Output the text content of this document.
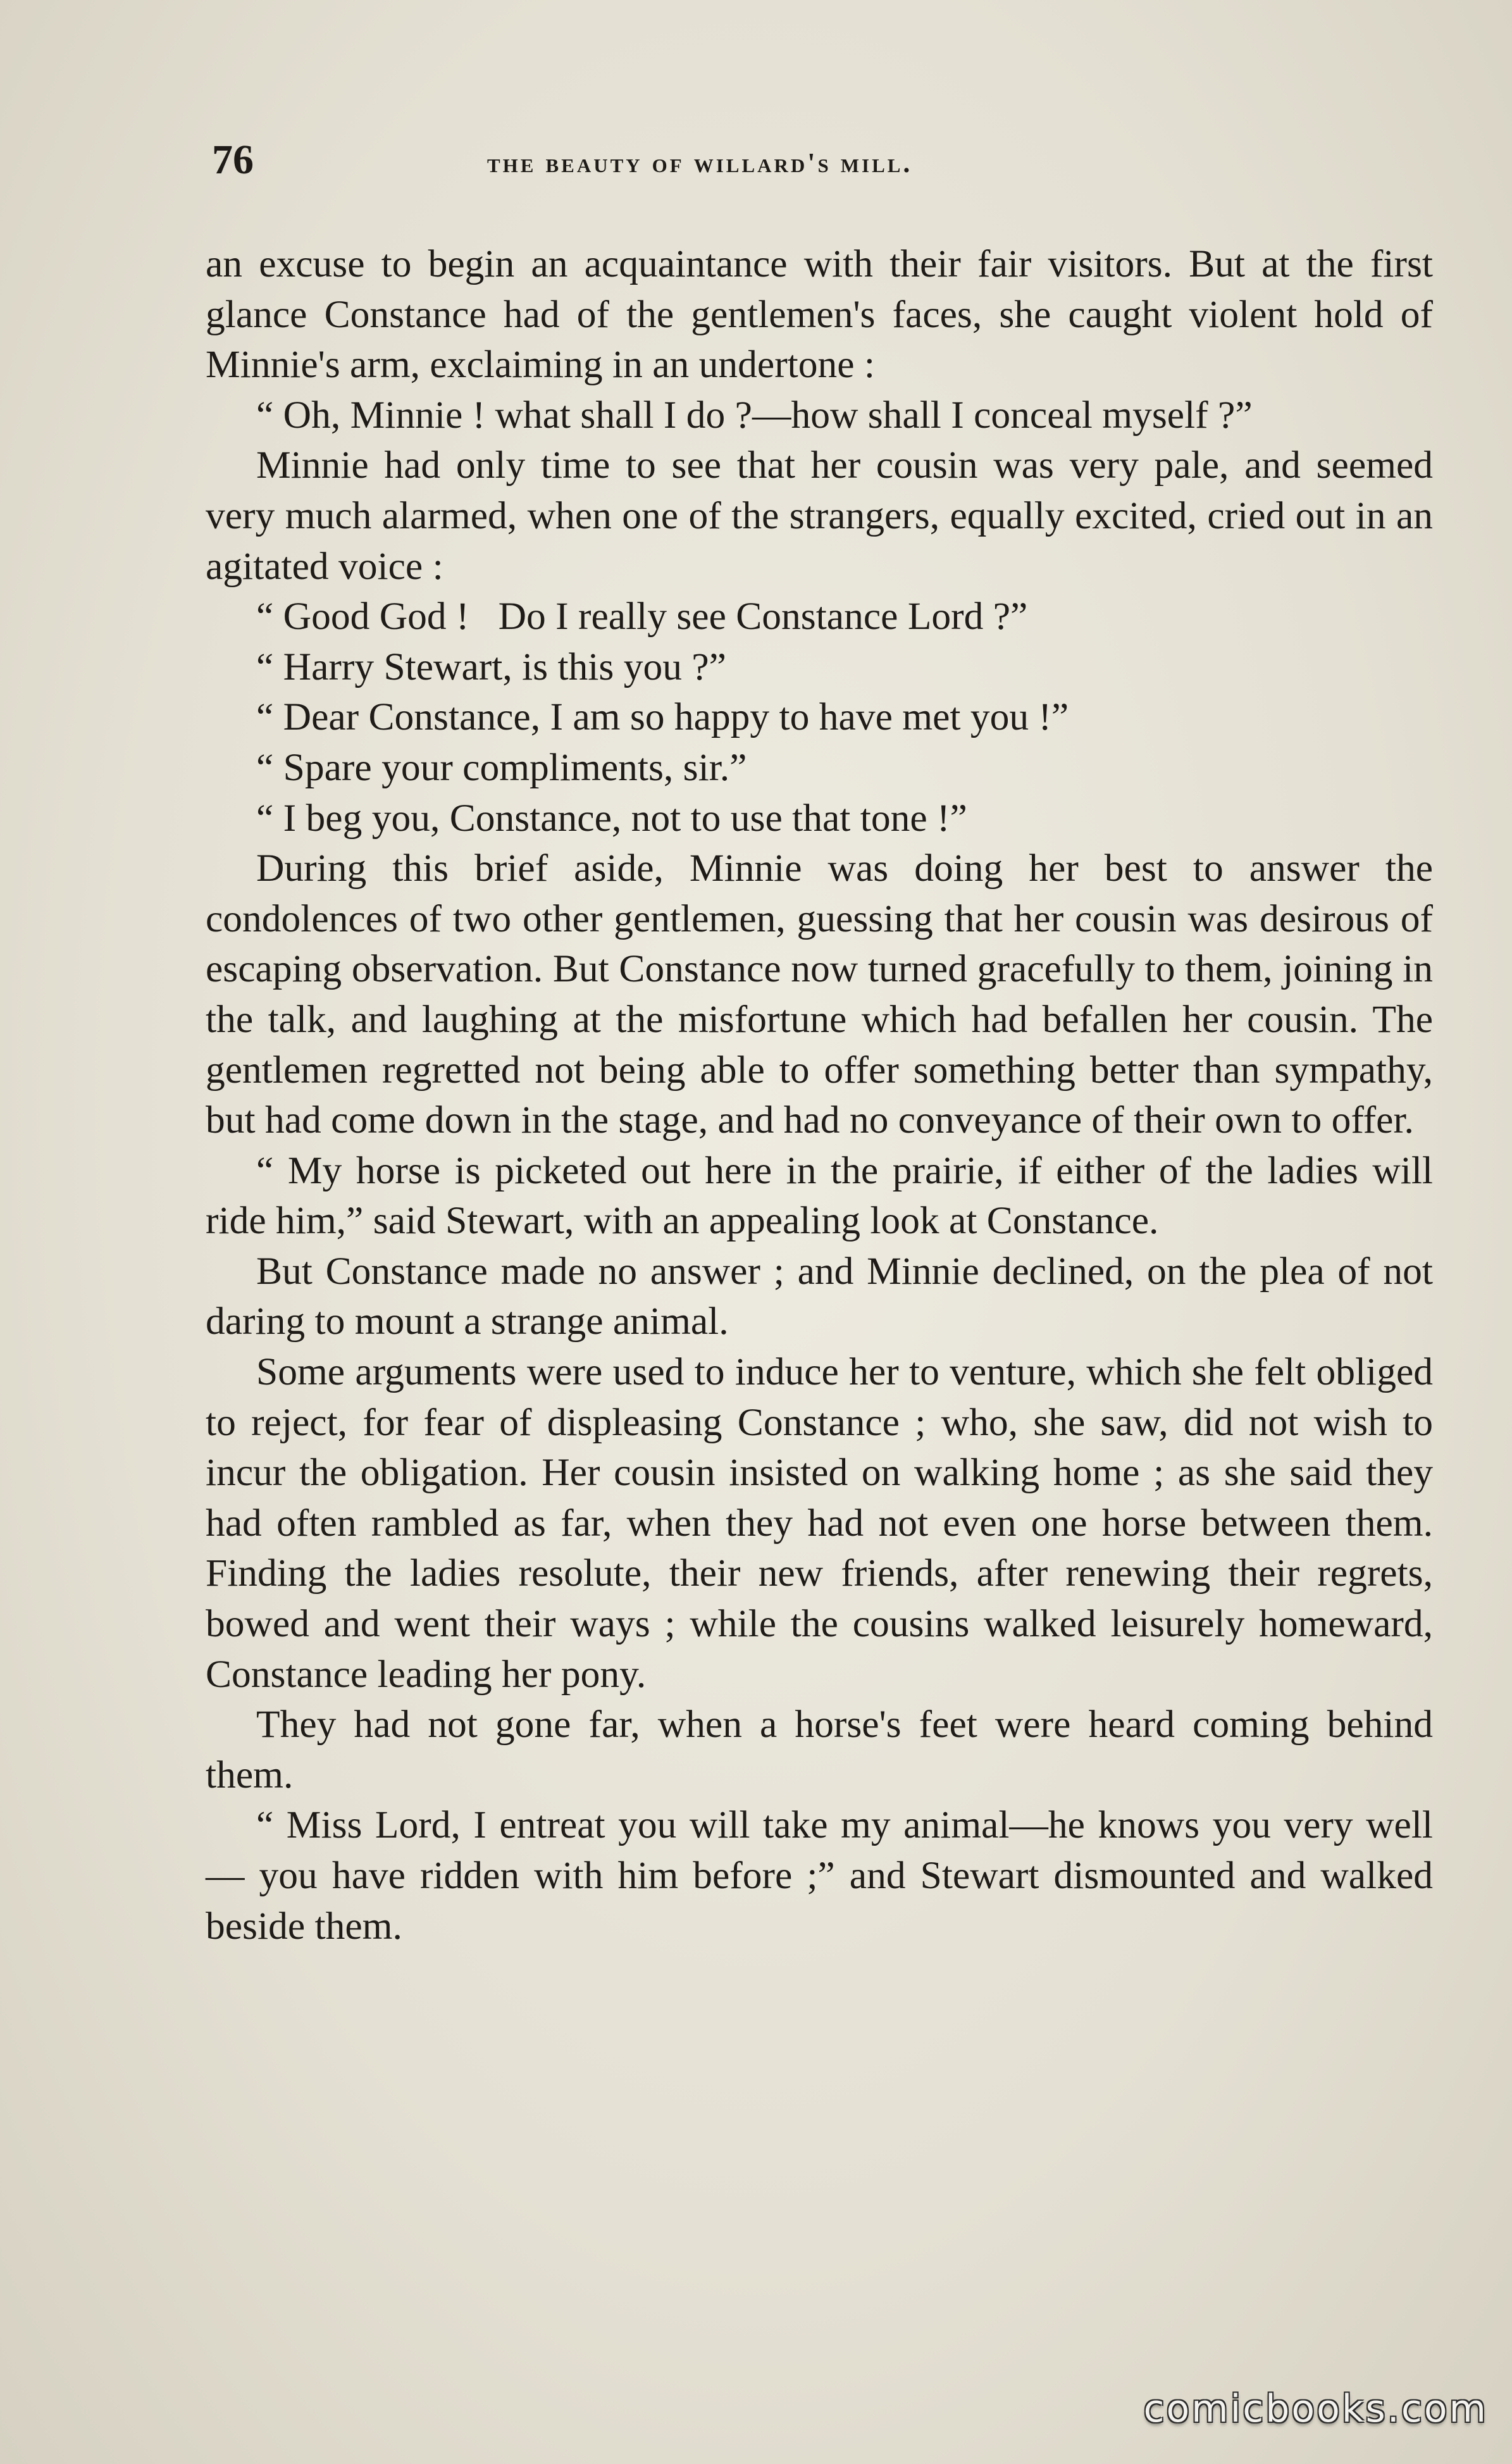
76	the beauty of willard's mill.

an excuse to begin an acquaintance with their fair visitors. But at the first glance Constance had of the gentlemen's faces, she caught violent hold of Minnie's arm, exclaiming in an undertone :

“ Oh, Minnie ! what shall I do ?—how shall I conceal myself ?”

Minnie had only time to see that her cousin was very pale, and seemed very much alarmed, when one of the strangers, equally excited, cried out in an agitated voice :

“ Good God !   Do I really see Constance Lord ?”

“ Harry Stewart, is this you ?”

“ Dear Constance, I am so happy to have met you !”

“ Spare your compliments, sir.”

“ I beg you, Constance, not to use that tone !”

During this brief aside, Minnie was doing her best to answer the condolences of two other gentlemen, guessing that her cousin was desirous of escaping observation. But Constance now turned gracefully to them, joining in the talk, and laughing at the misfortune which had befallen her cousin. The gentlemen regretted not being able to offer something better than sympathy, but had come down in the stage, and had no conveyance of their own to offer.

“ My horse is picketed out here in the prairie, if either of the ladies will ride him,” said Stewart, with an appealing look at Constance.

But Constance made no answer ; and Minnie declined, on the plea of not daring to mount a strange animal.

Some arguments were used to induce her to venture, which she felt obliged to reject, for fear of displeasing Constance ; who, she saw, did not wish to incur the obligation. Her cousin insisted on walking home ; as she said they had often rambled as far, when they had not even one horse between them. Finding the ladies resolute, their new friends, after renewing their regrets, bowed and went their ways ; while the cousins walked leisurely homeward, Constance leading her pony.

They had not gone far, when a horse's feet were heard coming behind them.

“ Miss Lord, I entreat you will take my animal—he knows you very well — you have ridden with him before ;” and Stewart dismounted and walked beside them.

comicbooks.com
